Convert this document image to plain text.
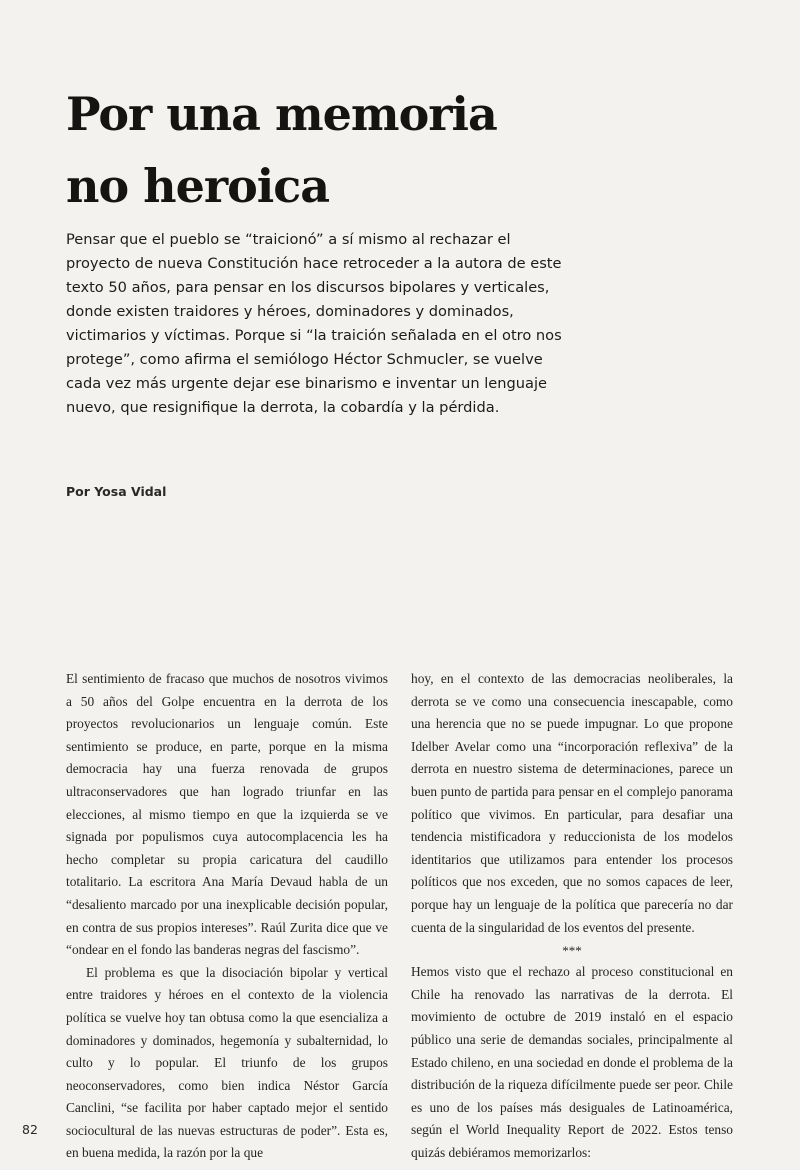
Por una memoria
no heroica

Pensar que el pueblo se “traicionó” a sí mismo al rechazar el proyecto de nueva Constitución hace retroceder a la autora de este texto 50 años, para pensar en los discursos bipolares y verticales, donde existen traidores y héroes, dominadores y dominados, victimarios y víctimas. Porque si “la traición señalada en el otro nos protege”, como afirma el semiólogo Héctor Schmucler, se vuelve cada vez más urgente dejar ese binarismo e inventar un lenguaje nuevo, que resignifique la derrota, la cobardía y la pérdida.

Por Yosa Vidal

El sentimiento de fracaso que muchos de nosotros vivimos a 50 años del Golpe encuentra en la derrota de los proyectos revolucionarios un lenguaje común. Este sentimiento se produce, en parte, porque en la misma democracia hay una fuerza renovada de grupos ultraconservadores que han logrado triunfar en las elecciones, al mismo tiempo en que la izquierda se ve signada por populismos cuya autocomplacencia les ha hecho completar su propia caricatura del caudillo totalitario. La escritora Ana María Devaud habla de un “desaliento marcado por una inexplicable decisión popular, en contra de sus propios intereses”. Raúl Zurita dice que ve “ondear en el fondo las banderas negras del fascismo”.

El problema es que la disociación bipolar y vertical entre traidores y héroes en el contexto de la violencia política se vuelve hoy tan obtusa como la que esencializa a dominadores y dominados, hegemonía y subalternidad, lo culto y lo popular. El triunfo de los grupos neoconservadores, como bien indica Néstor García Canclini, “se facilita por haber captado mejor el sentido sociocultural de las nuevas estructuras de poder”. Esta es, en buena medida, la razón por la que

hoy, en el contexto de las democracias neoliberales, la derrota se ve como una consecuencia inescapable, como una herencia que no se puede impugnar. Lo que propone Idelber Avelar como una “incorporación reflexiva” de la derrota en nuestro sistema de determinaciones, parece un buen punto de partida para pensar en el complejo panorama político que vivimos. En particular, para desafiar una tendencia mistificadora y reduccionista de los modelos identitarios que utilizamos para entender los procesos políticos que nos exceden, que no somos capaces de leer, porque hay un lenguaje de la política que parecería no dar cuenta de la singularidad de los eventos del presente.

***

Hemos visto que el rechazo al proceso constitucional en Chile ha renovado las narrativas de la derrota. El movimiento de octubre de 2019 instaló en el espacio público una serie de demandas sociales, principalmente al Estado chileno, en una sociedad en donde el problema de la distribución de la riqueza difícilmente puede ser peor. Chile es uno de los países más desiguales de Latinoamérica, según el World Inequality Report de 2022. Estos tenso quizás debiéramos memorizarlos:

82
